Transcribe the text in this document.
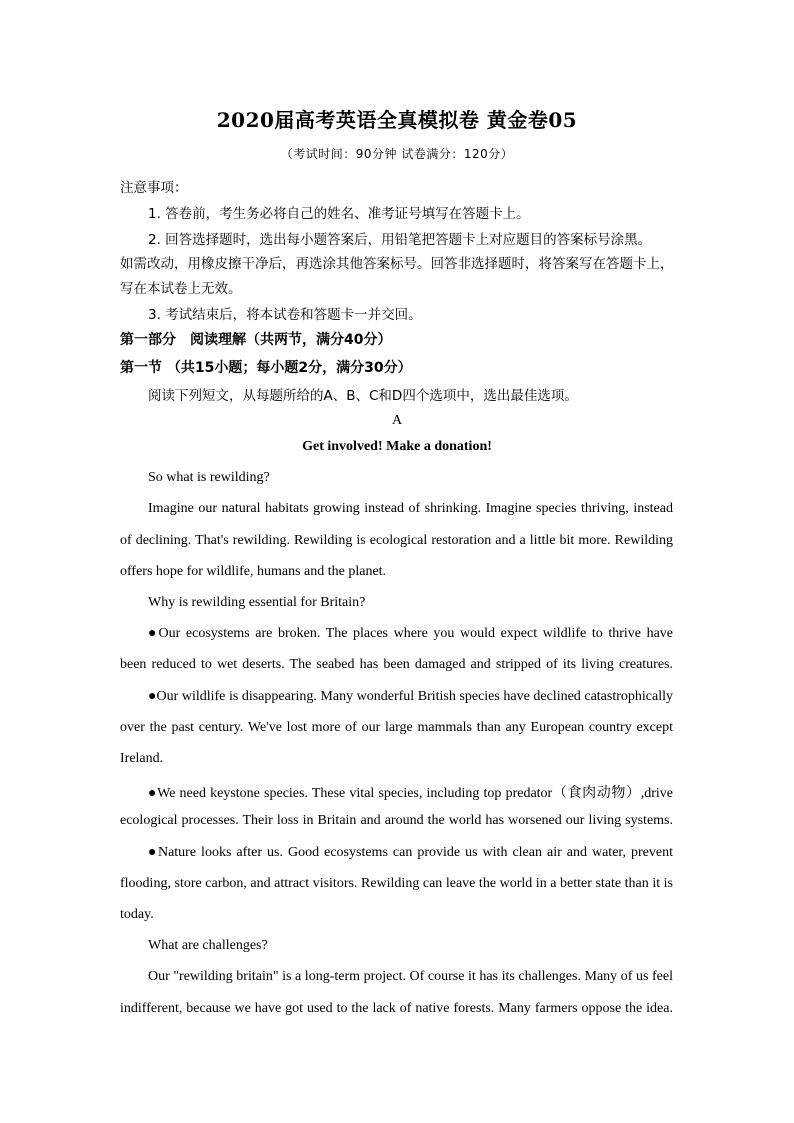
2020届高考英语全真模拟卷 黄金卷05
（考试时间：90分钟 试卷满分：120分）
注意事项：
1. 答卷前，考生务必将自己的姓名、准考证号填写在答题卡上。
2. 回答选择题时，选出每小题答案后，用铅笔把答题卡上对应题目的答案标号涂黑。
如需改动，用橡皮擦干净后，再选涂其他答案标号。回答非选择题时，将答案写在答题卡上，
写在本试卷上无效。
3. 考试结束后，将本试卷和答题卡一并交回。
第一部分　阅读理解（共两节，满分40分）
第一节 （共15小题；每小题2分，满分30分）
阅读下列短文，从每题所给的A、B、C和D四个选项中，选出最佳选项。
A
Get involved! Make a donation!
So what is rewilding?
Imagine our natural habitats growing instead of shrinking. Imagine species thriving, instead
of declining. That's rewilding. Rewilding is ecological restoration and a little bit more. Rewilding
offers hope for wildlife, humans and the planet.
Why is rewilding essential for Britain?
●Our ecosystems are broken. The places where you would expect wildlife to thrive have
been reduced to wet deserts. The seabed has been damaged and stripped of its living creatures.
●Our wildlife is disappearing. Many wonderful British species have declined catastrophically
over the past century. We've lost more of our large mammals than any European country except
Ireland.
●We need keystone species. These vital species, including top predator（食肉动物）,drive
ecological processes. Their loss in Britain and around the world has worsened our living systems.
●Nature looks after us. Good ecosystems can provide us with clean air and water, prevent
flooding, store carbon, and attract visitors. Rewilding can leave the world in a better state than it is
today.
What are challenges?
Our "rewilding britain" is a long-term project. Of course it has its challenges. Many of us feel
indifferent, because we have got used to the lack of native forests. Many farmers oppose the idea.
